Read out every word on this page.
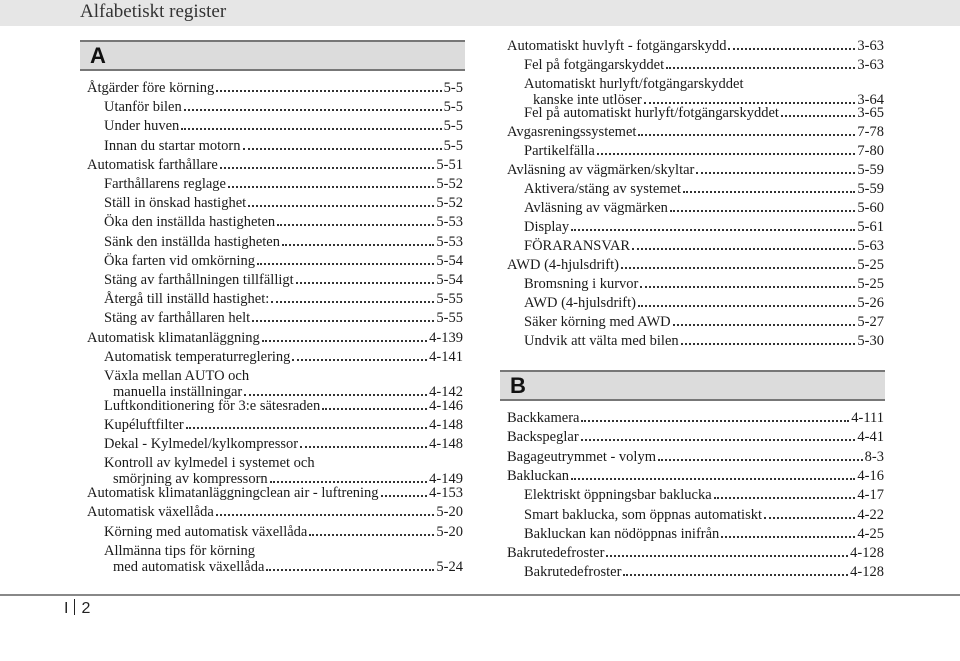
Alfabetiskt register
A
Åtgärder före körning	5-5
Utanför bilen	5-5
Under huven	5-5
Innan du startar motorn	5-5
Automatisk farthållare	5-51
Farthållarens reglage	5-52
Ställ in önskad hastighet	5-52
Öka den inställda hastigheten	5-53
Sänk den inställda hastigheten	5-53
Öka farten vid omkörning	5-54
Stäng av farthållningen tillfälligt	5-54
Återgå till inställd hastighet:	5-55
Stäng av farthållaren helt	5-55
Automatisk klimatanläggning	4-139
Automatisk temperaturreglering	4-141
Växla mellan AUTO och
manuella inställningar	4-142
Luftkonditionering för 3:e sätesraden	4-146
Kupéluftfilter	4-148
Dekal - Kylmedel/kylkompressor	4-148
Kontroll av kylmedel i systemet och
smörjning av kompressorn	4-149
Automatisk klimatanläggningclean air - luftrening	4-153
Automatisk växellåda	5-20
Körning med automatisk växellåda	5-20
Allmänna tips för körning
med automatisk växellåda	5-24
Automatiskt huvlyft - fotgängarskydd	3-63
Fel på fotgängarskyddet	3-63
Automatiskt hurlyft/fotgängarskyddet
kanske inte utlöser	3-64
Fel på automatiskt hurlyft/fotgängarskyddet	3-65
Avgasreningssystemet	7-78
Partikelfälla	7-80
Avläsning av vägmärken/skyltar	5-59
Aktivera/stäng av systemet	5-59
Avläsning av vägmärken	5-60
Display	5-61
FÖRARANSVAR	5-63
AWD (4-hjulsdrift)	5-25
Bromsning i kurvor	5-25
AWD (4-hjulsdrift)	5-26
Säker körning med AWD	5-27
Undvik att välta med bilen	5-30
B
Backkamera	4-111
Backspeglar	4-41
Bagageutrymmet - volym	8-3
Bakluckan	4-16
Elektriskt öppningsbar baklucka	4-17
Smart baklucka, som öppnas automatiskt	4-22
Bakluckan kan nödöppnas inifrån	4-25
Bakrutedefroster	4-128
Bakrutedefroster	4-128
I 2
